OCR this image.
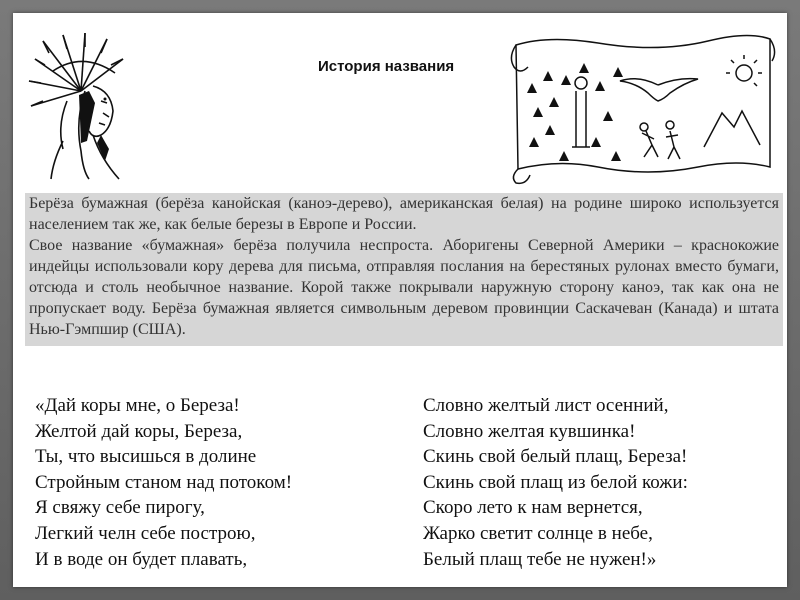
История названия

Берёза бумажная (берёза канойская (каноэ-дерево), американская белая) на родине широко используется населением так же, как белые березы в Европе и России.

Свое название «бумажная» берёза получила неспроста. Аборигены Северной Америки – краснокожие индейцы использовали кору дерева для письма, отправляя послания на берестяных рулонах вместо бумаги, отсюда и столь необычное название. Корой также покрывали наружную сторону каноэ, так как она не пропускает воду. Берёза бумажная является символьным деревом провинции Саскачеван (Канада) и штата Нью-Гэмпшир (США).

«Дай коры мне, о Береза!
Желтой дай коры, Береза,
Ты, что высишься в долине
Стройным станом над потоком!
Я свяжу себе пирогу,
Легкий челн себе построю,
И в воде он будет плавать,
Словно желтый лист осенний,
Словно желтая кувшинка!
Скинь свой белый плащ, Береза!
Скинь свой плащ из белой кожи:
Скоро лето к нам вернется,
Жарко светит солнце в небе,
Белый плащ тебе не нужен!»
